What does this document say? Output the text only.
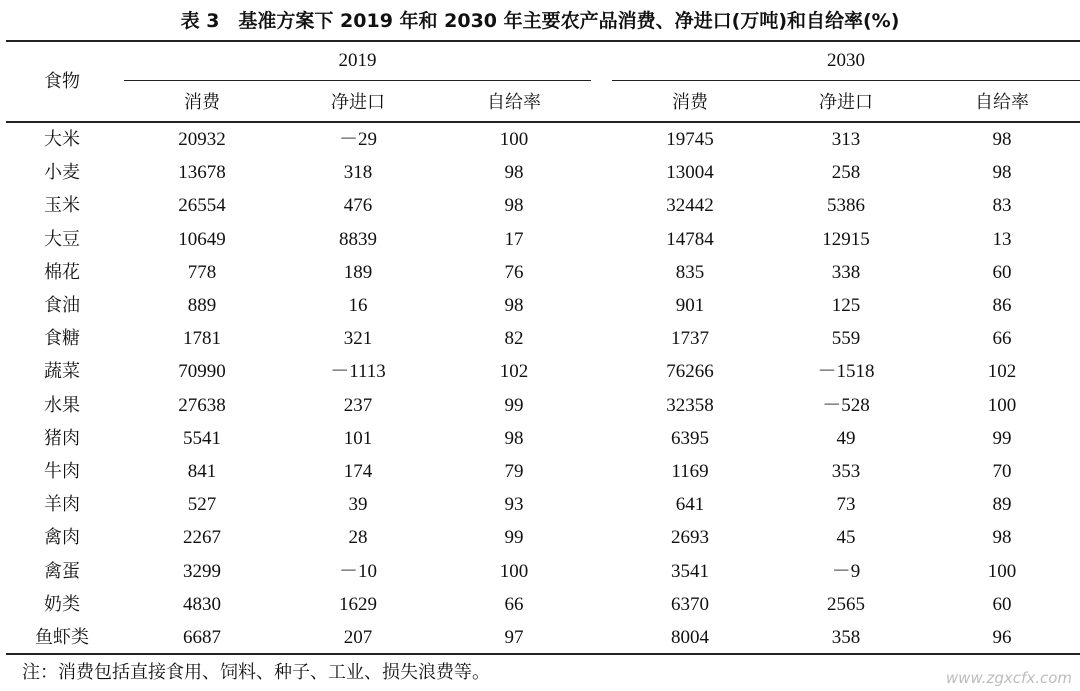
表 3　基准方案下 2019 年和 2030 年主要农产品消费、净进口(万吨)和自给率(%)
食物
2019	2030
消费	净进口	自给率	消费	净进口	自给率
大米	20932	－29	100	19745	313	98
小麦	13678	318	98	13004	258	98
玉米	26554	476	98	32442	5386	83
大豆	10649	8839	17	14784	12915	13
棉花	778	189	76	835	338	60
食油	889	16	98	901	125	86
食糖	1781	321	82	1737	559	66
蔬菜	70990	－1113	102	76266	－1518	102
水果	27638	237	99	32358	－528	100
猪肉	5541	101	98	6395	49	99
牛肉	841	174	79	1169	353	70
羊肉	527	39	93	641	73	89
禽肉	2267	28	99	2693	45	98
禽蛋	3299	－10	100	3541	－9	100
奶类	4830	1629	66	6370	2565	60
鱼虾类	6687	207	97	8004	358	96
注：消费包括直接食用、饲料、种子、工业、损失浪费等。	www.zgxcfx.com
